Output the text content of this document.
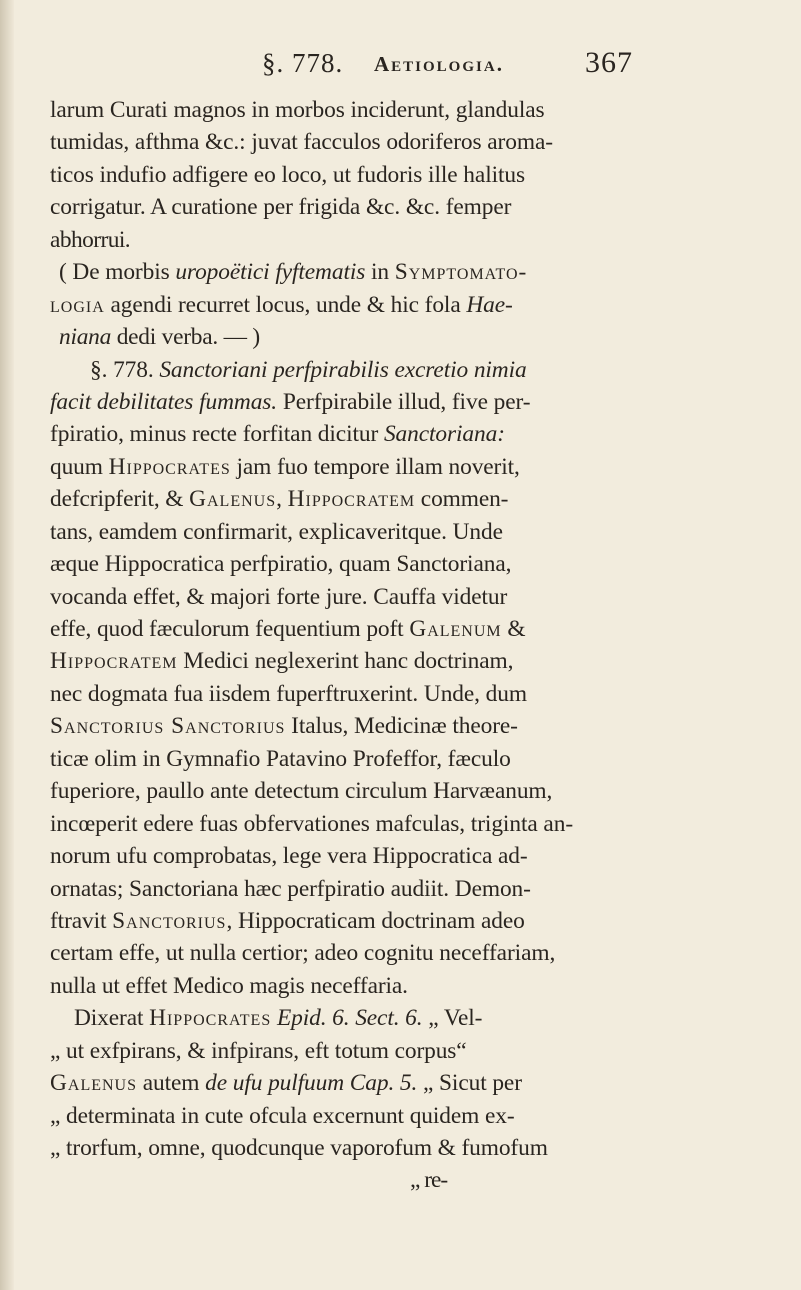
§. 778. Aetiologia.	367
larum Curati magnos in morbos inciderunt, glandulas
tumidas, afthma &c.: juvat facculos odoriferos aroma-
ticos indufio adfigere eo loco, ut fudoris ille halitus
corrigatur. A curatione per frigida &c. &c. femper
abhorrui.
( De morbis uropoëtici fyftematis in Symptomato-
logia agendi recurret locus, unde & hic fola Hae-
niana dedi verba. — )
§. 778. Sanctoriani perfpirabilis excretio nimia
facit debilitates fummas. Perfpirabile illud, five per-
fpiratio, minus recte forfitan dicitur Sanctoriana:
quum Hippocrates jam fuo tempore illam noverit,
defcripferit, & Galenus, Hippocratem commen-
tans, eamdem confirmarit, explicaveritque. Unde
æque Hippocratica perfpiratio, quam Sanctoriana,
vocanda effet, & majori forte jure. Cauffa videtur
effe, quod fæculorum fequentium poft Galenum &
Hippocratem Medici neglexerint hanc doctrinam,
nec dogmata fua iisdem fuperftruxerint. Unde, dum
Sanctorius Sanctorius Italus, Medicinæ theore-
ticæ olim in Gymnafio Patavino Profeffor, fæculo
fuperiore, paullo ante detectum circulum Harvæanum,
incœperit edere fuas obfervationes mafculas, triginta an-
norum ufu comprobatas, lege vera Hippocratica ad-
ornatas; Sanctoriana hæc perfpiratio audiit. Demon-
ftravit Sanctorius, Hippocraticam doctrinam adeo
certam effe, ut nulla certior; adeo cognitu neceffariam,
nulla ut effet Medico magis neceffaria.
Dixerat Hippocrates Epid. 6. Sect. 6. „ Vel-
„ ut exfpirans, & infpirans, eft totum corpus“
Galenus autem de ufu pulfuum Cap. 5. „ Sicut per
„ determinata in cute ofcula excernunt quidem ex-
„ trorfum, omne, quodcunque vaporofum & fumofum
„ re-
